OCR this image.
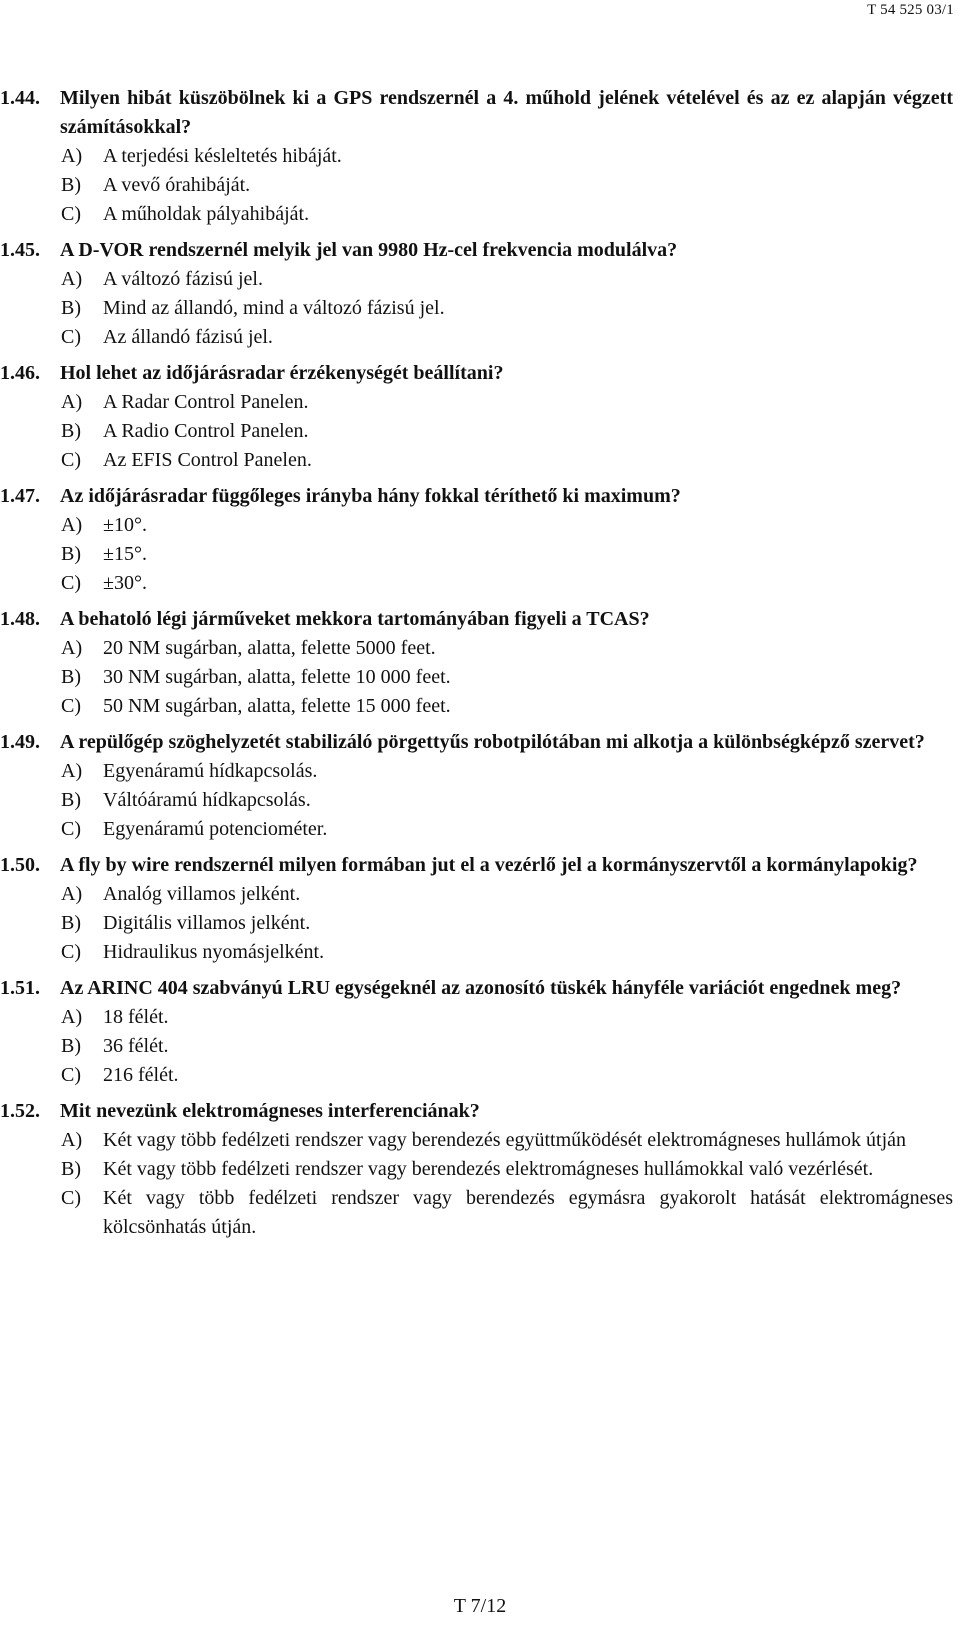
T 54 525 03/1
1.44.	Milyen hibát küszöbölnek ki a GPS rendszernél a 4. műhold jelének vételével és az ez alapján végzett számításokkal?
A)	A terjedési késleltetés hibáját.
B)	A vevő órahibáját.
C)	A műholdak pályahibáját.
1.45.	A D-VOR rendszernél melyik jel van 9980 Hz-cel frekvencia modulálva?
A)	A változó fázisú jel.
B)	Mind az állandó, mind a változó fázisú jel.
C)	Az állandó fázisú jel.
1.46.	Hol lehet az időjárásradar érzékenységét beállítani?
A)	A Radar Control Panelen.
B)	A Radio Control Panelen.
C)	Az EFIS Control Panelen.
1.47.	Az időjárásradar függőleges irányba hány fokkal téríthető ki maximum?
A)	±10°.
B)	±15°.
C)	±30°.
1.48.	A behatoló légi járműveket mekkora tartományában figyeli a TCAS?
A)	20 NM sugárban, alatta, felette 5000 feet.
B)	30 NM sugárban, alatta, felette 10 000 feet.
C)	50 NM sugárban, alatta, felette 15 000 feet.
1.49.	A repülőgép szöghelyzetét stabilizáló pörgettyűs robotpilótában mi alkotja a különbségképző szervet?
A)	Egyenáramú hídkapcsolás.
B)	Váltóáramú hídkapcsolás.
C)	Egyenáramú potenciométer.
1.50.	A fly by wire rendszernél milyen formában jut el a vezérlő jel a kormányszervtől a kormánylapokig?
A)	Analóg villamos jelként.
B)	Digitális villamos jelként.
C)	Hidraulikus nyomásjelként.
1.51.	Az ARINC 404 szabványú LRU egységeknél az azonosító tüskék hányféle variációt engednek meg?
A)	18 félét.
B)	36 félét.
C)	216 félét.
1.52.	Mit nevezünk elektromágneses interferenciának?
A)	Két vagy több fedélzeti rendszer vagy berendezés együttműködését elektromágneses hullámok útján
B)	Két vagy több fedélzeti rendszer vagy berendezés elektromágneses hullámokkal való vezérlését.
C)	Két vagy több fedélzeti rendszer vagy berendezés egymásra gyakorolt hatását elektromágneses kölcsönhatás útján.
T 7/12
